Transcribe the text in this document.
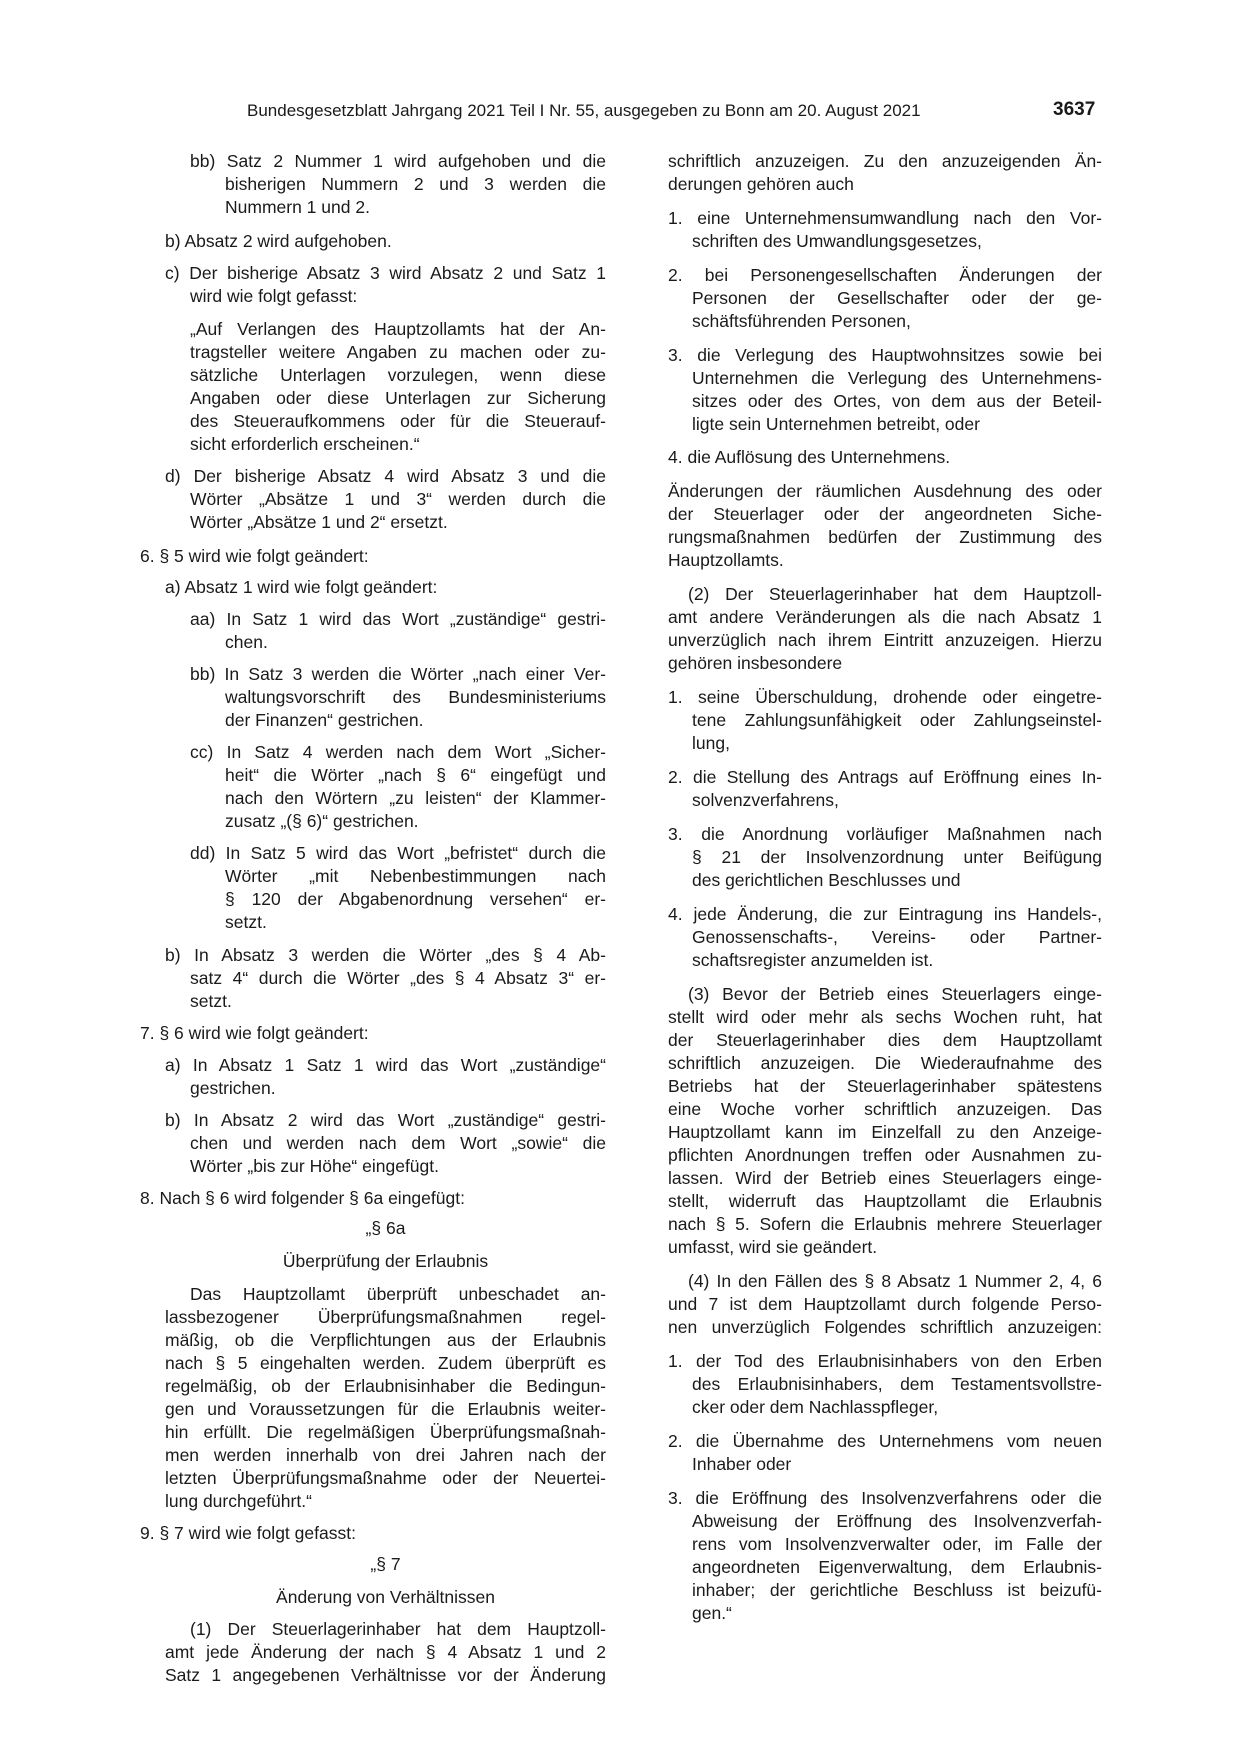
Bundesgesetzblatt Jahrgang 2021 Teil I Nr. 55, ausgegeben zu Bonn am 20. August 2021	3637
bb) Satz 2 Nummer 1 wird aufgehoben und die
bisherigen Nummern 2 und 3 werden die
Nummern 1 und 2.
b) Absatz 2 wird aufgehoben.
c) Der bisherige Absatz 3 wird Absatz 2 und Satz 1
wird wie folgt gefasst:
„Auf Verlangen des Hauptzollamts hat der An-
tragsteller weitere Angaben zu machen oder zu-
sätzliche Unterlagen vorzulegen, wenn diese
Angaben oder diese Unterlagen zur Sicherung
des Steueraufkommens oder für die Steuerauf-
sicht erforderlich erscheinen.“
d) Der bisherige Absatz 4 wird Absatz 3 und die
Wörter „Absätze 1 und 3“ werden durch die
Wörter „Absätze 1 und 2“ ersetzt.
6. § 5 wird wie folgt geändert:
a) Absatz 1 wird wie folgt geändert:
aa) In Satz 1 wird das Wort „zuständige“ gestri-
chen.
bb) In Satz 3 werden die Wörter „nach einer Ver-
waltungsvorschrift des Bundesministeriums
der Finanzen“ gestrichen.
cc) In Satz 4 werden nach dem Wort „Sicher-
heit“ die Wörter „nach § 6“ eingefügt und
nach den Wörtern „zu leisten“ der Klammer-
zusatz „(§ 6)“ gestrichen.
dd) In Satz 5 wird das Wort „befristet“ durch die
Wörter „mit Nebenbestimmungen nach
§ 120 der Abgabenordnung versehen“ er-
setzt.
b) In Absatz 3 werden die Wörter „des § 4 Ab-
satz 4“ durch die Wörter „des § 4 Absatz 3“ er-
setzt.
7. § 6 wird wie folgt geändert:
a) In Absatz 1 Satz 1 wird das Wort „zuständige“
gestrichen.
b) In Absatz 2 wird das Wort „zuständige“ gestri-
chen und werden nach dem Wort „sowie“ die
Wörter „bis zur Höhe“ eingefügt.
8. Nach § 6 wird folgender § 6a eingefügt:
„§ 6a
Überprüfung der Erlaubnis
Das Hauptzollamt überprüft unbeschadet an-
lassbezogener Überprüfungsmaßnahmen regel-
mäßig, ob die Verpflichtungen aus der Erlaubnis
nach § 5 eingehalten werden. Zudem überprüft es
regelmäßig, ob der Erlaubnisinhaber die Bedingun-
gen und Voraussetzungen für die Erlaubnis weiter-
hin erfüllt. Die regelmäßigen Überprüfungsmaßnah-
men werden innerhalb von drei Jahren nach der
letzten Überprüfungsmaßnahme oder der Neuertei-
lung durchgeführt.“
9. § 7 wird wie folgt gefasst:
„§ 7
Änderung von Verhältnissen
(1) Der Steuerlagerinhaber hat dem Hauptzoll-
amt jede Änderung der nach § 4 Absatz 1 und 2
Satz 1 angegebenen Verhältnisse vor der Änderung
schriftlich anzuzeigen. Zu den anzuzeigenden Än-
derungen gehören auch
1. eine Unternehmensumwandlung nach den Vor-
schriften des Umwandlungsgesetzes,
2. bei Personengesellschaften Änderungen der
Personen der Gesellschafter oder der ge-
schäftsführenden Personen,
3. die Verlegung des Hauptwohnsitzes sowie bei
Unternehmen die Verlegung des Unternehmens-
sitzes oder des Ortes, von dem aus der Beteil-
ligte sein Unternehmen betreibt, oder
4. die Auflösung des Unternehmens.
Änderungen der räumlichen Ausdehnung des oder
der Steuerlager oder der angeordneten Siche-
rungsmaßnahmen bedürfen der Zustimmung des
Hauptzollamts.
(2) Der Steuerlagerinhaber hat dem Hauptzoll-
amt andere Veränderungen als die nach Absatz 1
unverzüglich nach ihrem Eintritt anzuzeigen. Hierzu
gehören insbesondere
1. seine Überschuldung, drohende oder eingetre-
tene Zahlungsunfähigkeit oder Zahlungseinstel-
lung,
2. die Stellung des Antrags auf Eröffnung eines In-
solvenzverfahrens,
3. die Anordnung vorläufiger Maßnahmen nach
§ 21 der Insolvenzordnung unter Beifügung
des gerichtlichen Beschlusses und
4. jede Änderung, die zur Eintragung ins Handels-,
Genossenschafts-, Vereins- oder Partner-
schaftsregister anzumelden ist.
(3) Bevor der Betrieb eines Steuerlagers einge-
stellt wird oder mehr als sechs Wochen ruht, hat
der Steuerlagerinhaber dies dem Hauptzollamt
schriftlich anzuzeigen. Die Wiederaufnahme des
Betriebs hat der Steuerlagerinhaber spätestens
eine Woche vorher schriftlich anzuzeigen. Das
Hauptzollamt kann im Einzelfall zu den Anzeige-
pflichten Anordnungen treffen oder Ausnahmen zu-
lassen. Wird der Betrieb eines Steuerlagers einge-
stellt, widerruft das Hauptzollamt die Erlaubnis
nach § 5. Sofern die Erlaubnis mehrere Steuerlager
umfasst, wird sie geändert.
(4) In den Fällen des § 8 Absatz 1 Nummer 2, 4, 6
und 7 ist dem Hauptzollamt durch folgende Perso-
nen unverzüglich Folgendes schriftlich anzuzeigen:
1. der Tod des Erlaubnisinhabers von den Erben
des Erlaubnisinhabers, dem Testamentsvollstre-
cker oder dem Nachlasspfleger,
2. die Übernahme des Unternehmens vom neuen
Inhaber oder
3. die Eröffnung des Insolvenzverfahrens oder die
Abweisung der Eröffnung des Insolvenzverfah-
rens vom Insolvenzverwalter oder, im Falle der
angeordneten Eigenverwaltung, dem Erlaubnis-
inhaber; der gerichtliche Beschluss ist beizufü-
gen.“
